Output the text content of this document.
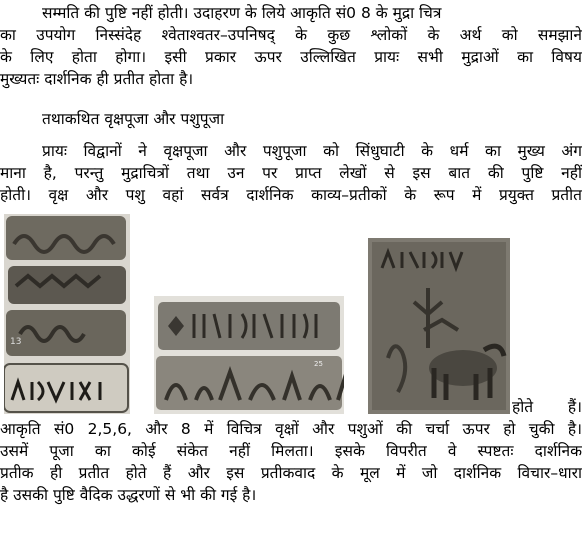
सम्मति की पुष्टि नहीं होती। उदाहरण के लिये आकृति सं0 8 के मुद्रा चित्र
का उपयोग निस्संदेह श्वेताश्वतर–उपनिषद् के कुछ श्लोकों के अर्थ को समझाने
के लिए होता होगा। इसी प्रकार ऊपर उल्लिखित प्रायः सभी मुद्राओं का विषय
मुख्यतः दार्शनिक ही प्रतीत होता है।
तथाकथित वृक्षपूजा और पशुपूजा
प्रायः विद्वानों ने वृक्षपूजा और पशुपूजा को सिंधुघाटी के धर्म का मुख्य अंग
माना है, परन्तु मुद्राचित्रों तथा उन पर प्राप्त लेखों से इस बात की पुष्टि नहीं
होती। वृक्ष और पशु वहां सर्वत्र दार्शनिक काव्य–प्रतीकों के रूप में प्रयुक्त प्रतीत
13
25
होते हैं।
आकृति सं0 2,5,6, और 8 में विचित्र वृक्षों और पशुओं की चर्चा ऊपर हो चुकी है।
उसमें पूजा का कोई संकेत नहीं मिलता। इसके विपरीत वे स्पष्टतः दार्शनिक
प्रतीक ही प्रतीत होते हैं और इस प्रतीकवाद के मूल में जो दार्शनिक विचार–धारा
है उसकी पुष्टि वैदिक उद्धरणों से भी की गई है।
